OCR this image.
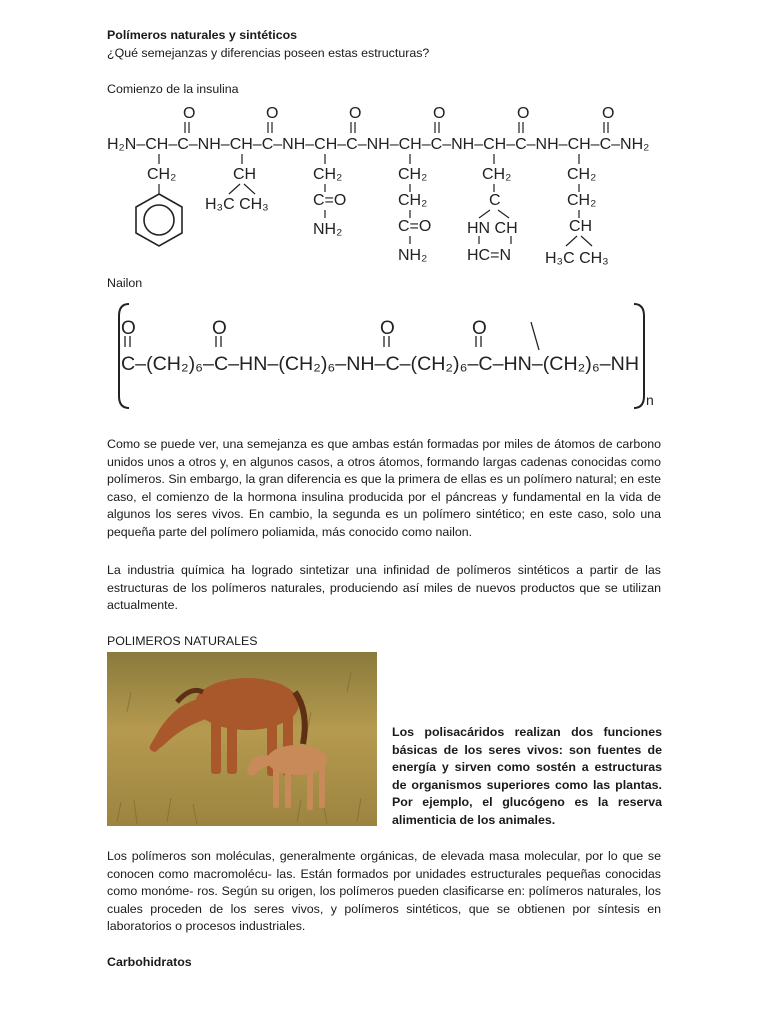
Polímeros naturales y sintéticos
¿Qué semejanzas y diferencias poseen estas estructuras?
Comienzo de la insulina
H₂N–CH–C–NH–CH–C–NH–CH–C–NH–CH–C–NH–CH–C–NH–CH–C–NH₂
O	O	O	O	O	O
CH₂	CH
H₃C CH₃
CH₂
C=O
NH₂
CH₂
CH₂
C=O
NH₂
CH₂
C
HN CH
HC=N
CH₂
CH₂
CH
H₃C CH₃
Nailon
O	O	O	O
C–(CH₂)₆–C–HN–(CH₂)₆–NH–C–(CH₂)₆–C–HN–(CH₂)₆–NH
n
Como se puede ver, una semejanza es que ambas están formadas por miles de átomos de carbono unidos unos a otros y, en algunos casos, a otros átomos, formando largas cadenas conocidas como polímeros. Sin embargo, la gran diferencia es que la primera de ellas es un polímero natural; en este caso, el comienzo de la hormona insulina producida por el páncreas y fundamental en la vida de algunos los seres vivos. En cambio, la segunda es un polímero sintético; en este caso, solo una pequeña parte del polímero poliamida, más conocido como nailon.
La industria química ha logrado sintetizar una infinidad de polímeros sintéticos a partir de las estructuras de los polímeros naturales, produciendo así miles de nuevos productos que se utilizan actualmente.
POLIMEROS NATURALES
Los polisacáridos realizan dos funciones básicas de los seres vivos: son fuentes de energía y sirven como sostén a estructuras de organismos superiores como las plantas. Por ejemplo, el glucógeno es la reserva alimenticia de los animales.
Los polímeros son moléculas, generalmente orgánicas, de elevada masa molecular, por lo que se conocen como macromolécu- las. Están formados por unidades estructurales pequeñas conocidas como monóme- ros. Según su origen, los polímeros pueden clasificarse en: polímeros naturales, los cuales proceden de los seres vivos, y polímeros sintéticos, que se obtienen por síntesis en laboratorios o procesos industriales.
Carbohidratos
